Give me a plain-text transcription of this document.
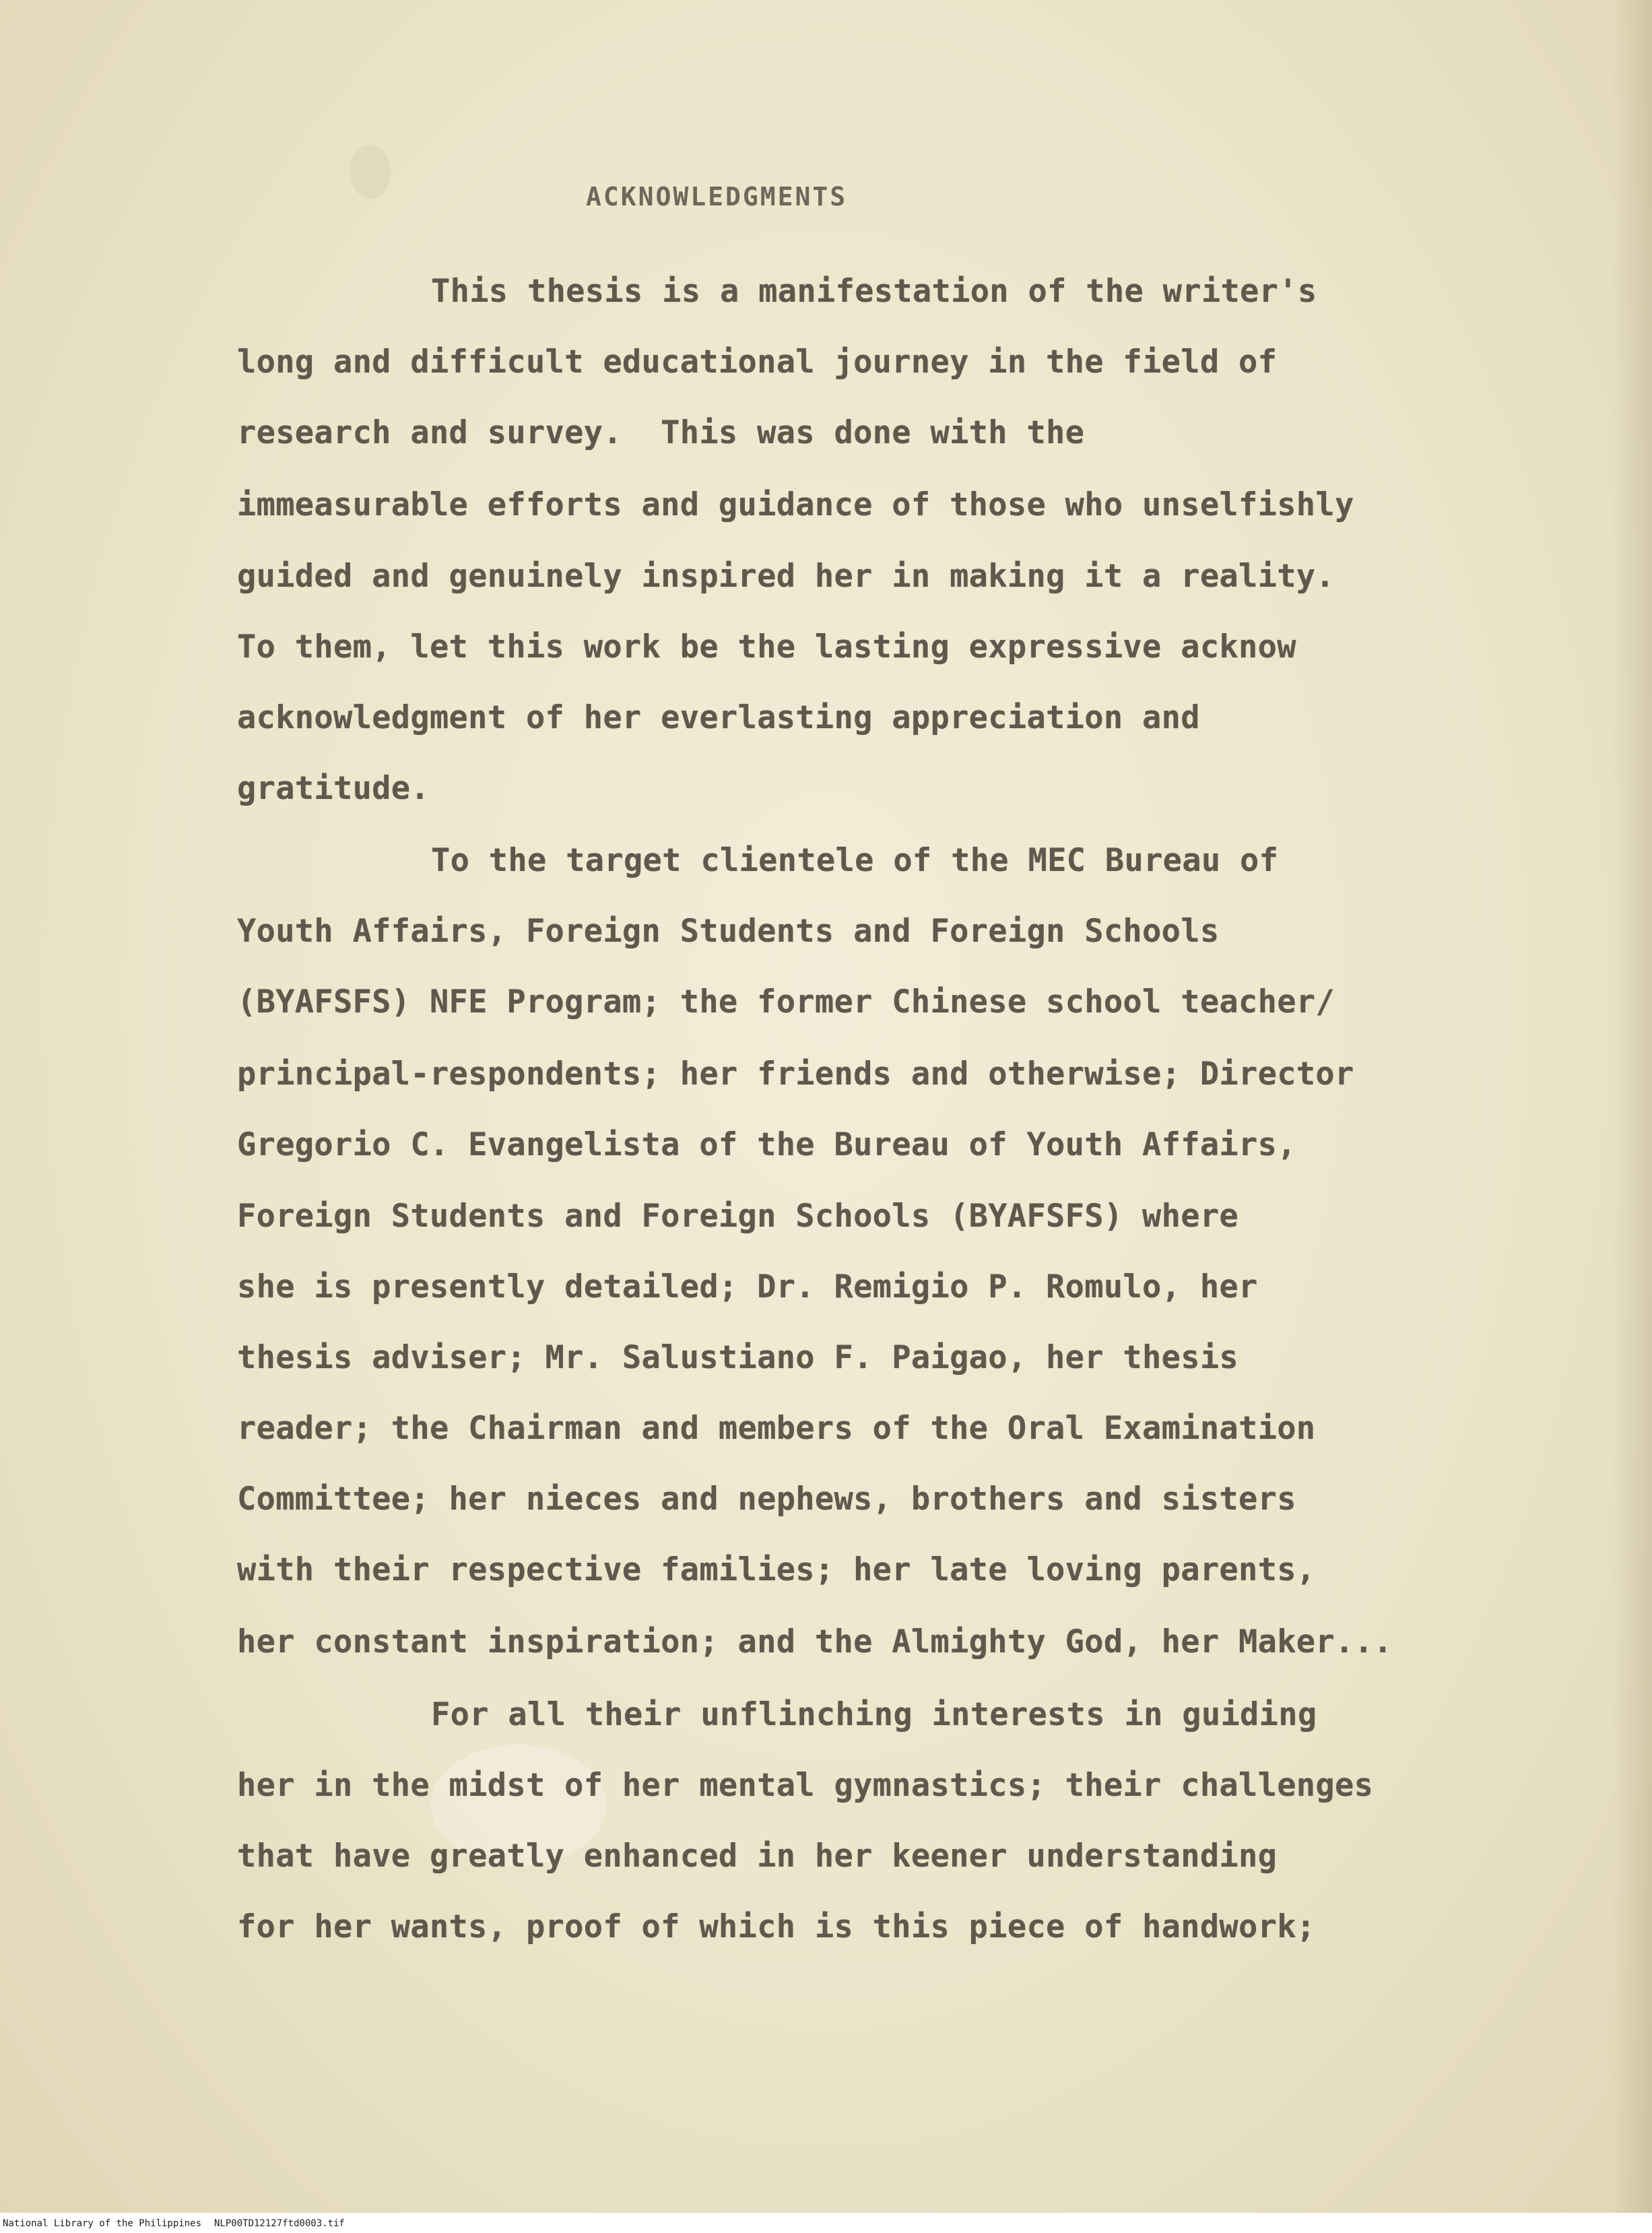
ACKNOWLEDGMENTS

This thesis is a manifestation of the writer's

long and difficult educational journey in the field of

research and survey.  This was done with the

immeasurable efforts and guidance of those who unselfishly

guided and genuinely inspired her in making it a reality.

To them, let this work be the lasting expressive acknow

acknowledgment of her everlasting appreciation and

gratitude.

To the target clientele of the MEC Bureau of

Youth Affairs, Foreign Students and Foreign Schools

(BYAFSFS) NFE Program; the former Chinese school teacher/

principal-respondents; her friends and otherwise; Director

Gregorio C. Evangelista of the Bureau of Youth Affairs,

Foreign Students and Foreign Schools (BYAFSFS) where

she is presently detailed; Dr. Remigio P. Romulo, her

thesis adviser; Mr. Salustiano F. Paigao, her thesis

reader; the Chairman and members of the Oral Examination

Committee; her nieces and nephews, brothers and sisters

with their respective families; her late loving parents,

her constant inspiration; and the Almighty God, her Maker...

For all their unflinching interests in guiding

her in the midst of her mental gymnastics; their challenges

that have greatly enhanced in her keener understanding

for her wants, proof of which is this piece of handwork;

National Library of the Philippines NLP00TD12127ftd0003.tif
